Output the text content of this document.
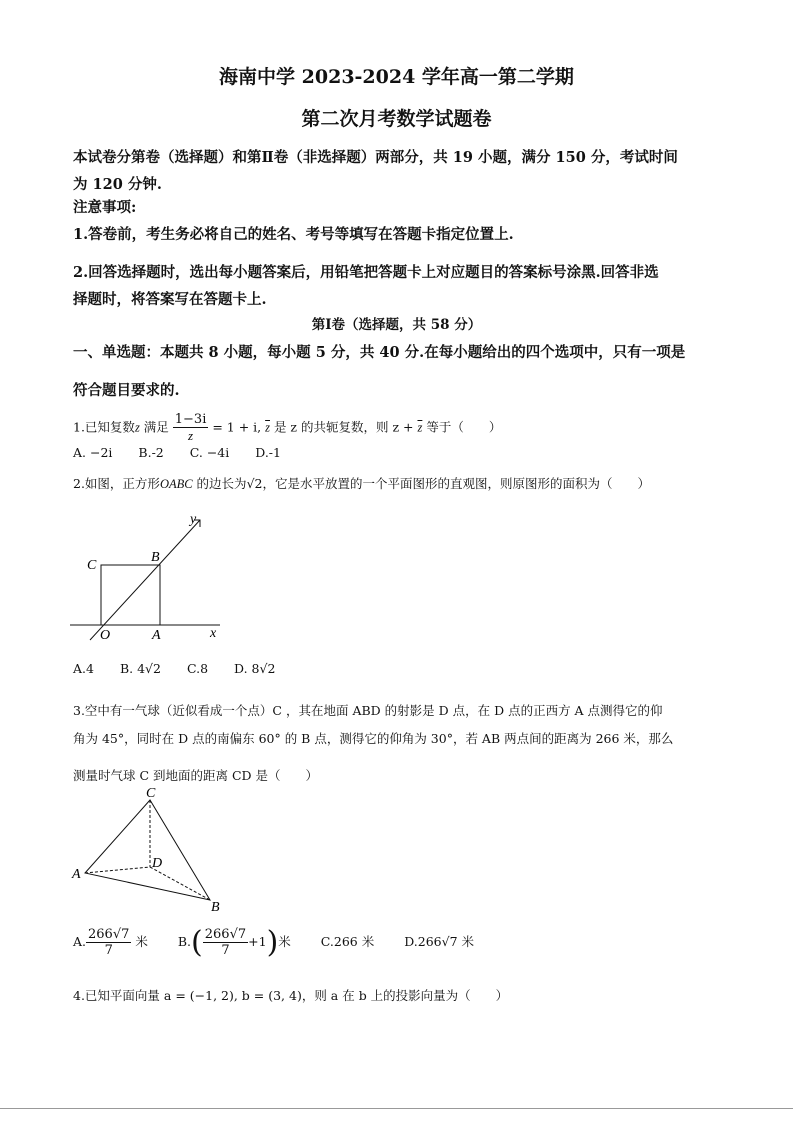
海南中学 2023-2024 学年高一第二学期
第二次月考数学试题卷
本试卷分第卷（选择题）和第Ⅱ卷（非选择题）两部分，共 19 小题，满分 150 分，考试时间
为 120 分钟.
注意事项:
1.答卷前，考生务必将自己的姓名、考号等填写在答题卡指定位置上.
2.回答选择题时，选出每小题答案后，用铅笔把答题卡上对应题目的答案标号涂黑.回答非选
择题时，将答案写在答题卡上.
第Ⅰ卷（选择题，共 58 分）
一、单选题：本题共 8 小题，每小题 5 分，共 40 分.在每小题给出的四个选项中，只有一项是
符合题目要求的.
1.已知复数z 满足 $\frac{1-3i}{z} = 1 + i$, $\overline{z}$ 是 z 的共轭复数，则 $z + \overline{z}$ 等于（　　）
A. −2i B.-2 C. −4i D.-1
2.如图，正方形OABC 的边长为√2，它是水平放置的一个平面图形的直观图，则原图形的面积为（　　）
y
C
B
O	A	x
A.4 B. 4√2 C.8 D. 8√2
3.空中有一气球（近似看成一个点）C ，其在地面 ABD 的射影是 D 点，在 D 点的正西方 A 点测得它的仰
角为 45°，同时在 D 点的南偏东 60° 的 B 点，测得它的仰角为 30°，若 AB 两点间的距离为 266 米，那么
测量时气球 C 到地面的距离 CD 是（　　）
C
D
A
B
A. $\frac{266√7}{7}$ 米 $B.( \frac{266√7}{7} +1)$米 C.266 米 D.266√7 米
4.已知平面向量 a = (−1, 2), b = (3, 4)，则 a 在 b 上的投影向量为（　　）
